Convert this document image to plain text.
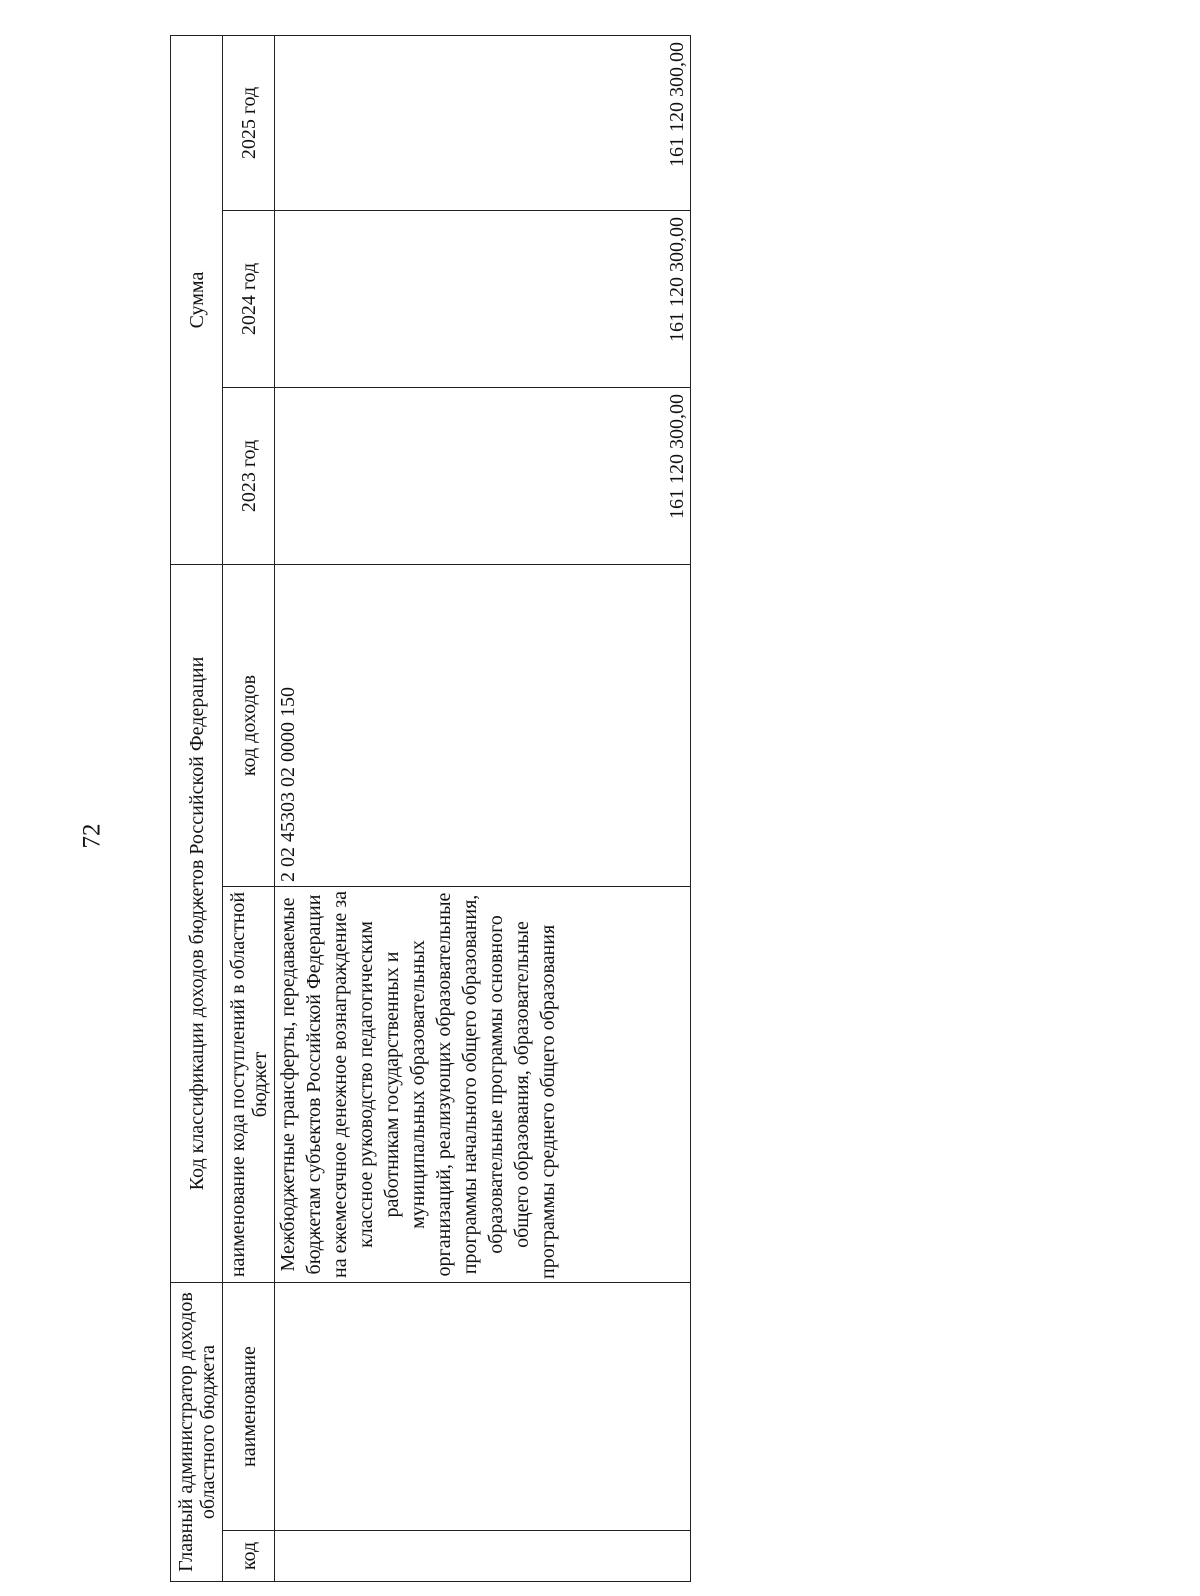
72
Главный администратор доходов областного бюджета		Код классификации доходов бюджетов Российской Федерации		Сумма		
код	наименование	наименование кода поступлений в областной бюджет	код доходов	2023 год	2024 год	2025 год
		Межбюджетные трансферты, передаваемые бюджетам субъектов Российской Федерации на ежемесячное денежное вознаграждение за классное руководство педагогическим работникам государственных и муниципальных образовательных организаций, реализующих образовательные программы начального общего образования, образовательные программы основного общего образования, образовательные программы среднего общего образования	2 02 45303 02 0000 150	161 120 300,00	161 120 300,00	161 120 300,00
